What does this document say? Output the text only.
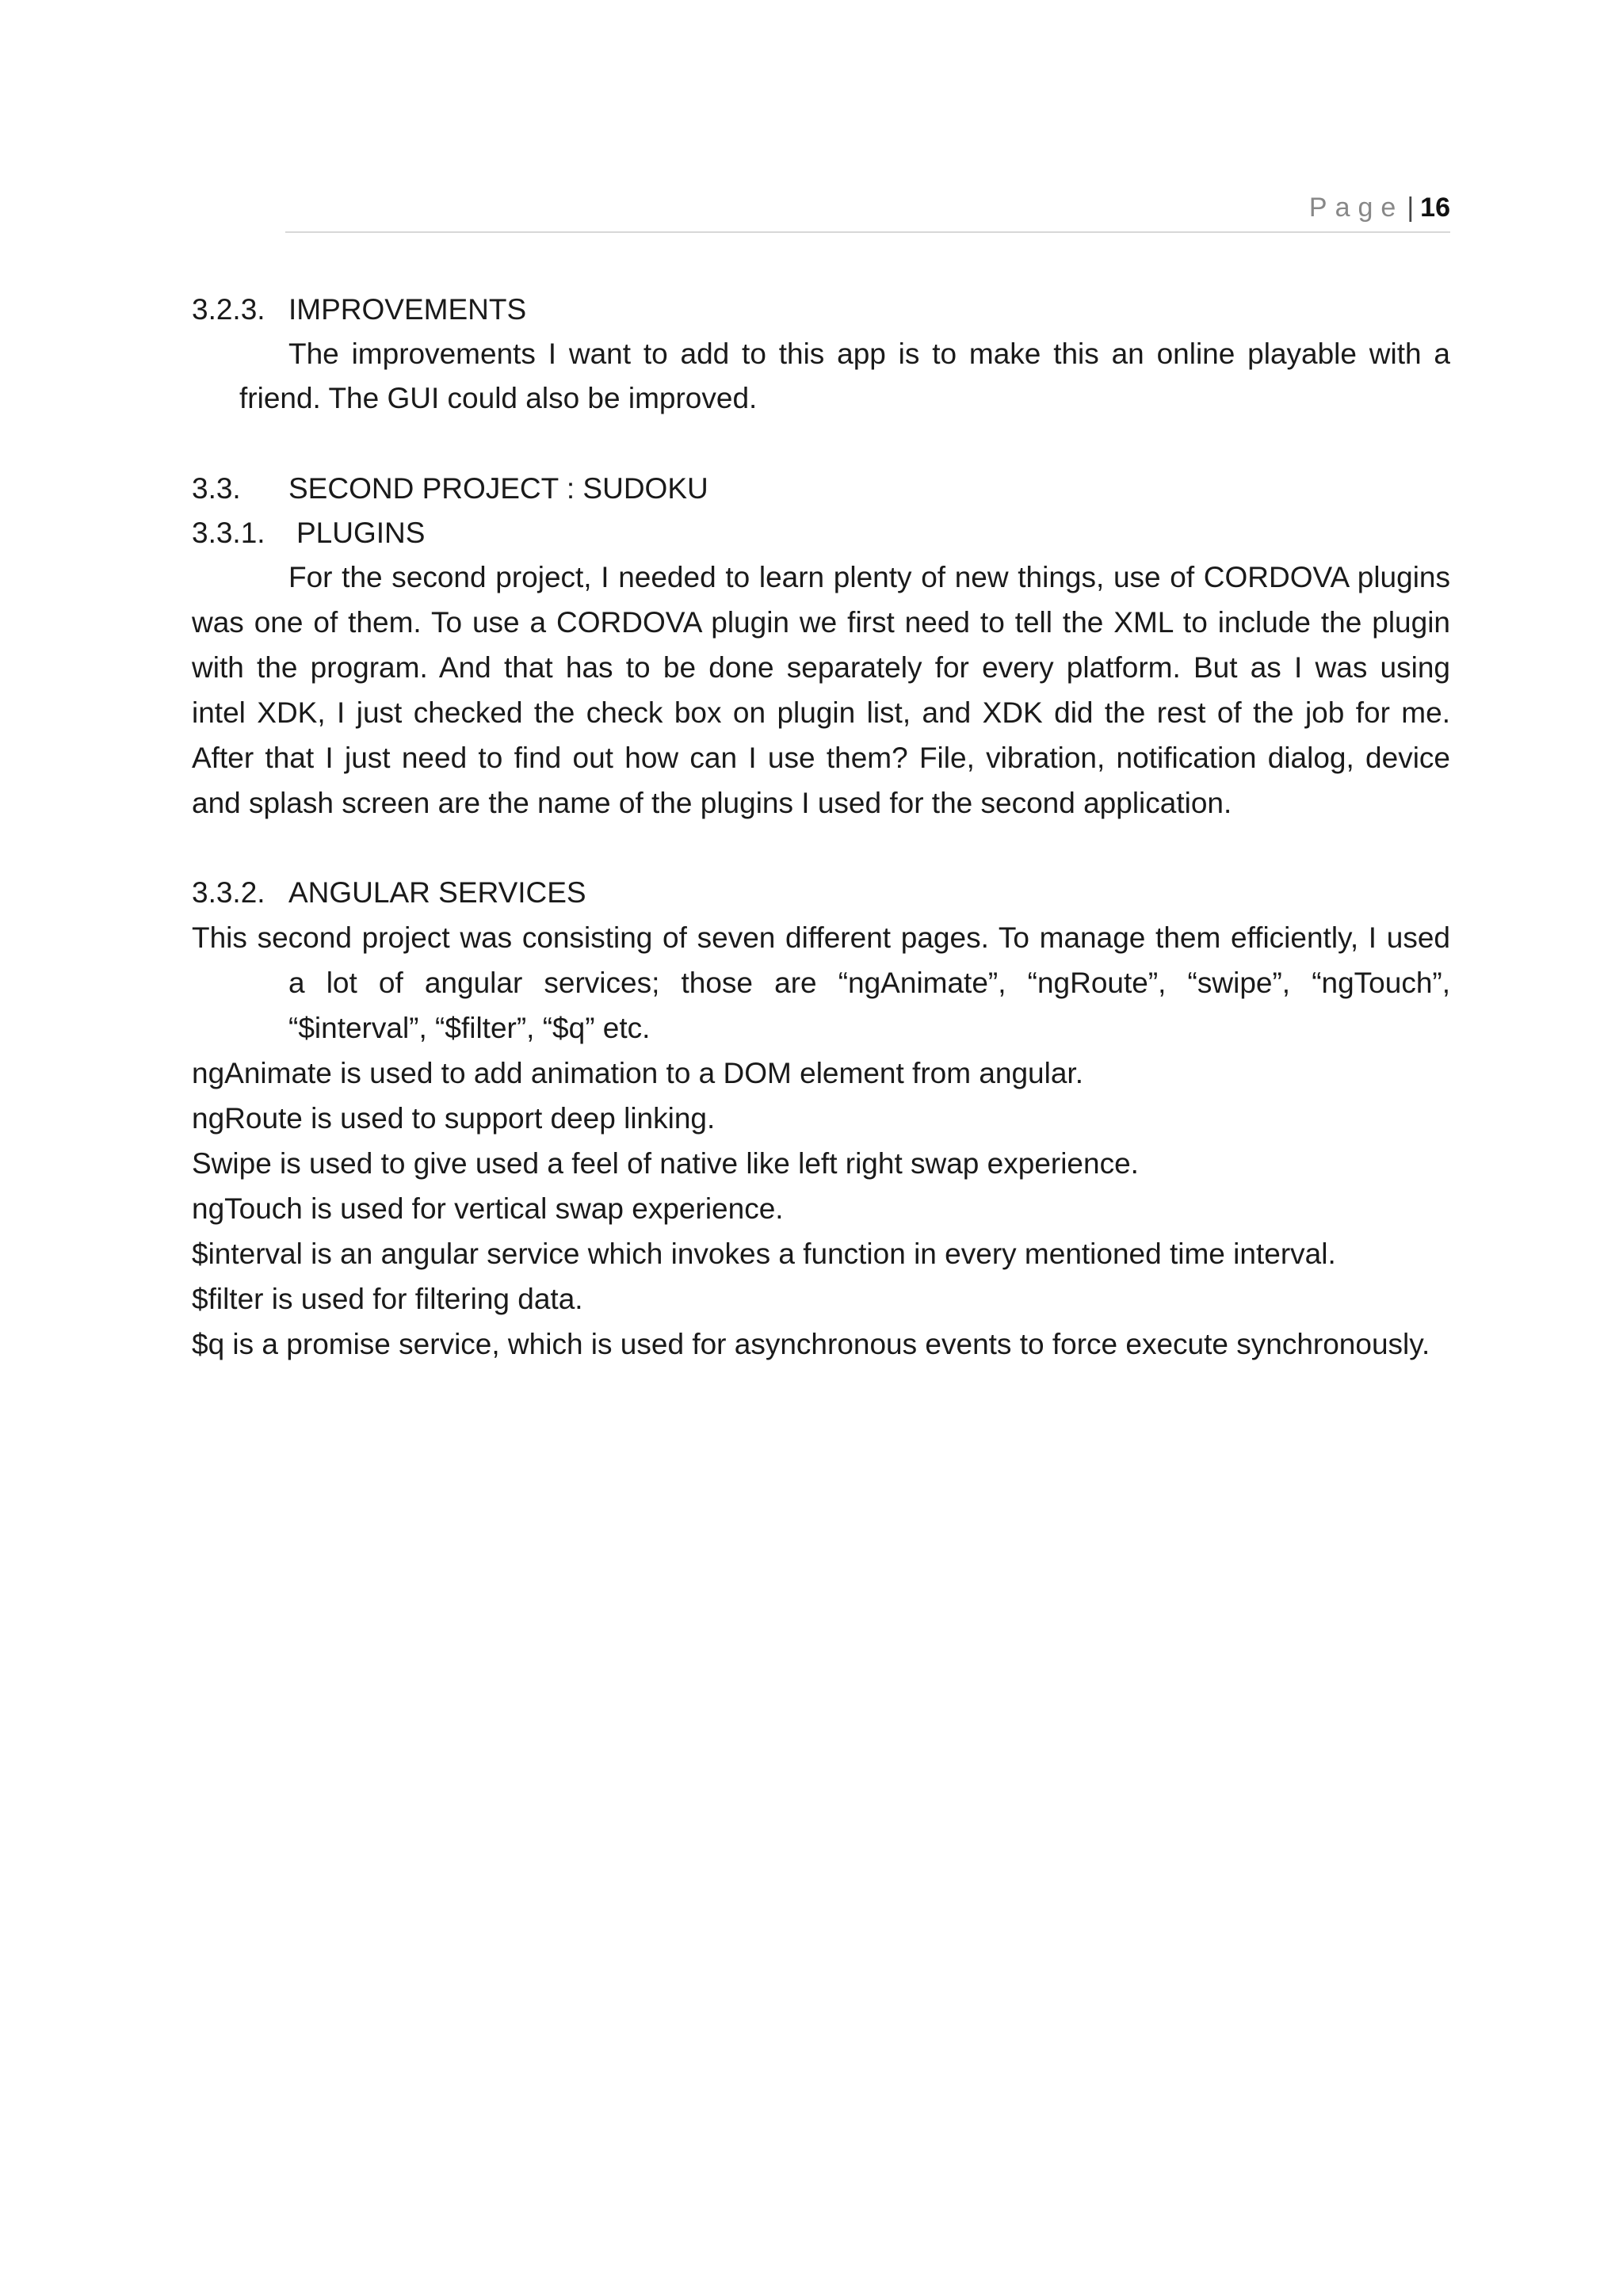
Page | 16
3.2.3. IMPROVEMENTS
The improvements I want to add to this app is to make this an online playable with a
friend. The GUI could also be improved.
3.3. SECOND PROJECT : SUDOKU
3.3.1. PLUGINS
For the second project, I needed to learn plenty of new things, use of CORDOVA plugins
was one of them. To use a CORDOVA plugin we first need to tell the XML to include the plugin
with the program. And that has to be done separately for every platform. But as I was using
intel XDK, I just checked the check box on plugin list, and XDK did the rest of the job for me.
After that I just need to find out how can I use them? File, vibration, notification dialog, device
and splash screen are the name of the plugins I used for the second application.
3.3.2. ANGULAR SERVICES
This second project was consisting of seven different pages. To manage them efficiently, I used
a lot of angular services; those are “ngAnimate”, “ngRoute”, “swipe”, “ngTouch”,
“$interval”, “$filter”, “$q” etc.
ngAnimate is used to add animation to a DOM element from angular.
ngRoute is used to support deep linking.
Swipe is used to give used a feel of native like left right swap experience.
ngTouch is used for vertical swap experience.
$interval is an angular service which invokes a function in every mentioned time interval.
$filter is used for filtering data.
$q is a promise service, which is used for asynchronous events to force execute synchronously.
